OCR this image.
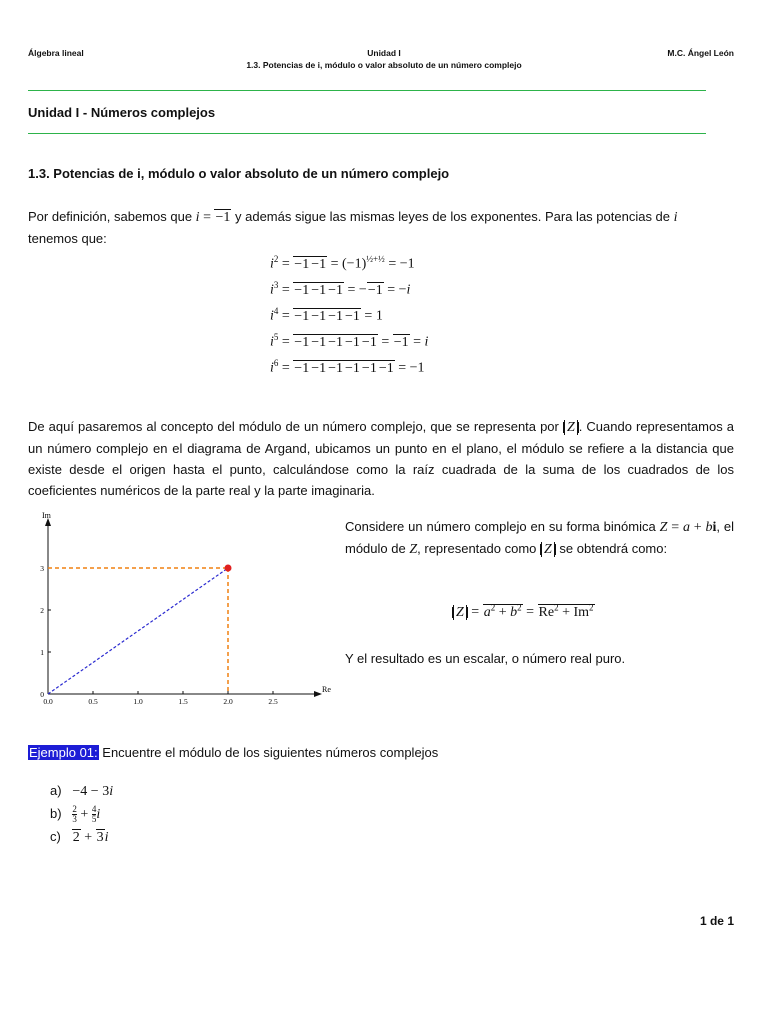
Álgebra lineal	Unidad I
1.3. Potencias de i, módulo o valor absoluto de un número complejo
M.C. Ángel León
Unidad I - Números complejos
1.3. Potencias de i, módulo o valor absoluto de un número complejo
Por definición, sabemos que i = −1 y además sigue las mismas leyes de los exponentes. Para las potencias de i
tenemos que:
$i^2 = -1 -1 = (-1)^{\frac{1}{2}+\frac{1}{2}} = -1$
$i^3 = -1 -1 -1 = --1 = -i$
$i^4 = -1 -1 -1 -1 = 1$
$i^5 = -1 -1 -1 -1 -1 = -1 = i$
$i^6 = -1 -1 -1 -1 -1 -1 = -1$
De aquí pasaremos al concepto del módulo de un número complejo, que se representa por Z . Cuando representamos a un número complejo en el diagrama de Argand, ubicamos un punto en el plano, el módulo se refiere a la distancia que existe desde el origen hasta el punto, calculándose como la raíz cuadrada de la suma de los cuadrados de los coeficientes numéricos de la parte real y la parte imaginaria.
Re
Im
0.0	0.5	1.0	1.5	2.0	2.5
0
1
2
3
Considere un número complejo en su forma binómica Z = a + bi, el módulo de Z, representado como Z se obtendrá como:
$Z = a^2 + b^2 = Re^2 + Im^2$
Y el resultado es un escalar, o número real puro.
Ejemplo 01: Encuentre el módulo de los siguientes números complejos
a) −4 − 3i
$b) \frac{2}{3} + \frac{4}{5}$ i
c) 2 + 3i
1 de 1
